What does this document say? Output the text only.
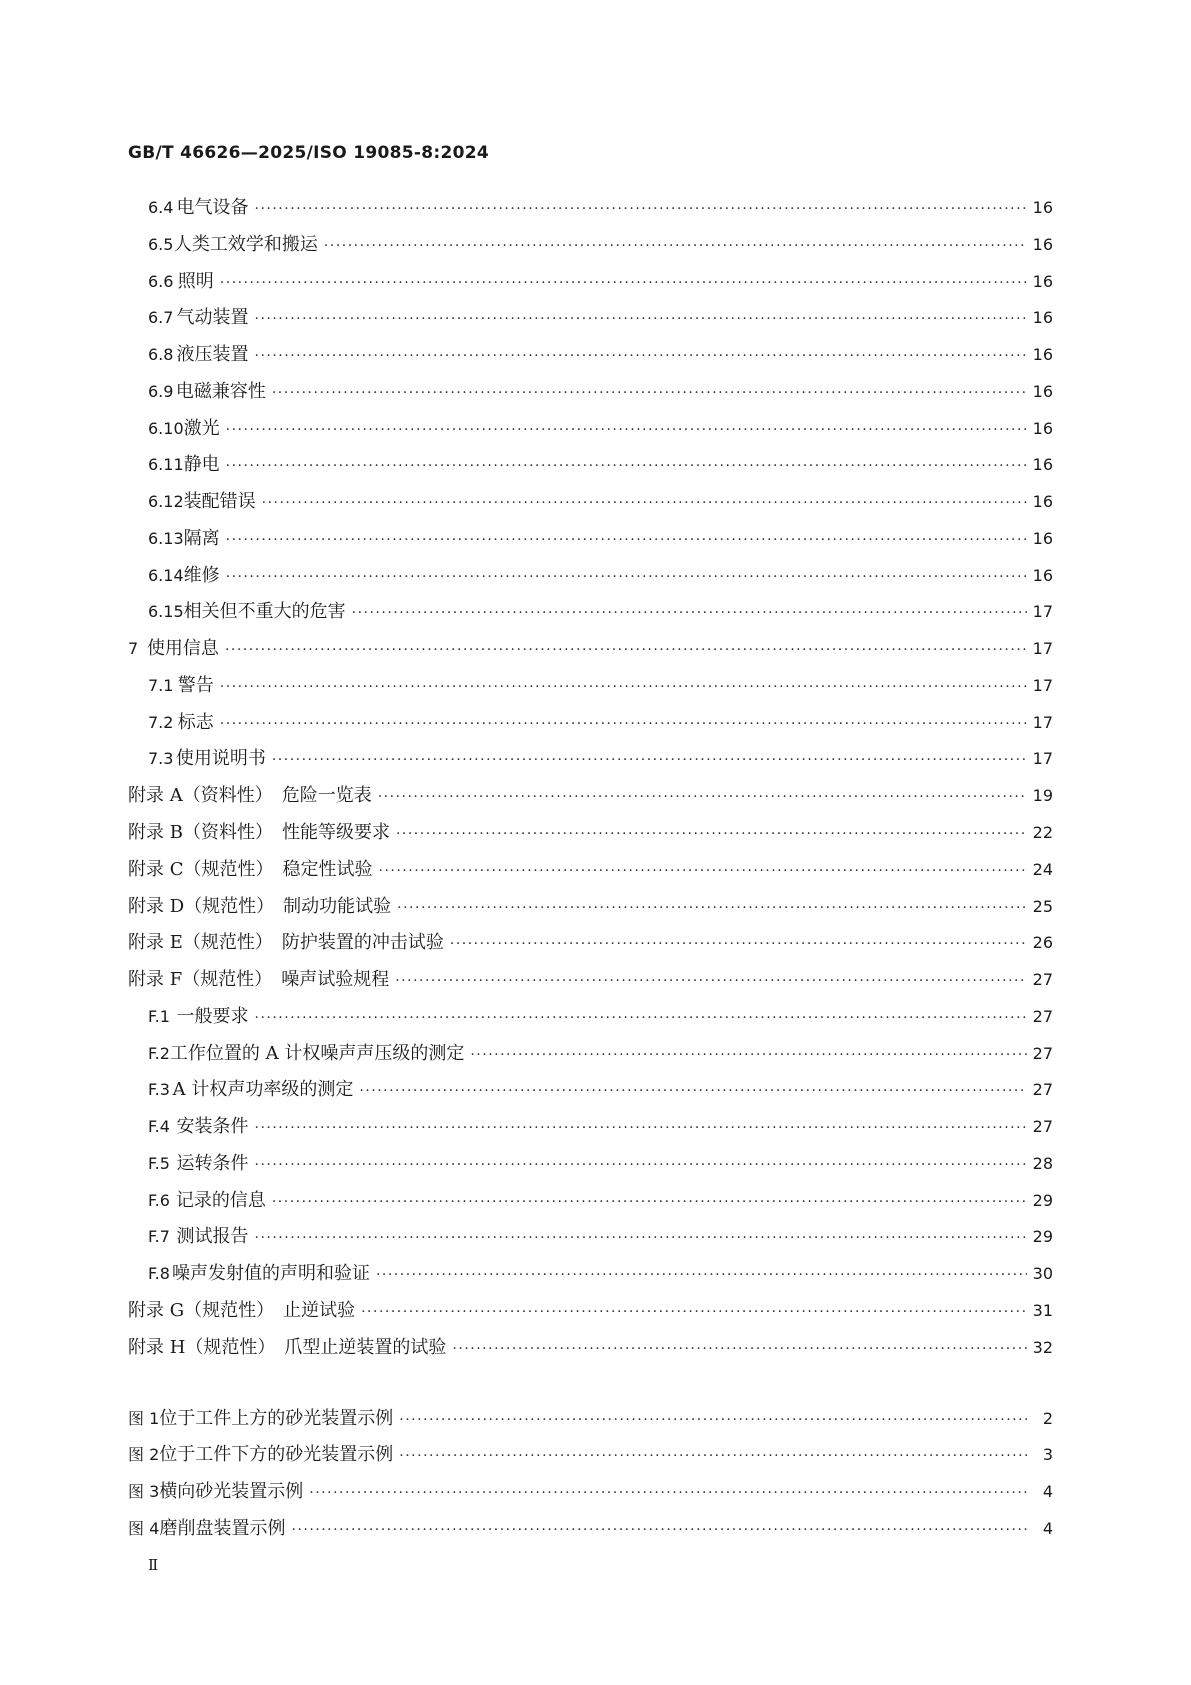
GB/T 46626—2025/ISO 19085-8:2024
6.4 电气设备 ·····	16
6.5 人类工效学和搬运 ·····	16
6.6 照明 ·····	16
6.7 气动装置 ·····	16
6.8 液压装置 ·····	16
6.9 电磁兼容性 ·····	16
6.10 激光 ·····	16
6.11 静电 ·····	16
6.12 装配错误 ·····	16
6.13 隔离 ·····	16
6.14 维修 ·····	16
6.15 相关但不重大的危害 ·····	17
7 使用信息 ·····	17
7.1 警告 ·····	17
7.2 标志 ·····	17
7.3 使用说明书 ·····	17
附录 A（资料性）　危险一览表 ·····	19
附录 B（资料性）　性能等级要求 ·····	22
附录 C（规范性）　稳定性试验 ·····	24
附录 D（规范性）　制动功能试验 ·····	25
附录 E（规范性）　防护装置的冲击试验 ·····	26
附录 F（规范性）　噪声试验规程 ·····	27
F.1 一般要求 ·····	27
F.2 工作位置的 A 计权噪声声压级的测定 ·····	27
F.3 A 计权声功率级的测定 ·····	27
F.4 安装条件 ·····	27
F.5 运转条件 ·····	28
F.6 记录的信息 ·····	29
F.7 测试报告 ·····	29
F.8 噪声发射值的声明和验证 ·····	30
附录 G（规范性）　止逆试验 ·····	31
附录 H（规范性）　爪型止逆装置的试验 ·····	32
图 1 位于工件上方的砂光装置示例 ·····	2
图 2 位于工件下方的砂光装置示例 ·····	3
图 3 横向砂光装置示例 ·····	4
图 4 磨削盘装置示例 ·····	4
Ⅱ
